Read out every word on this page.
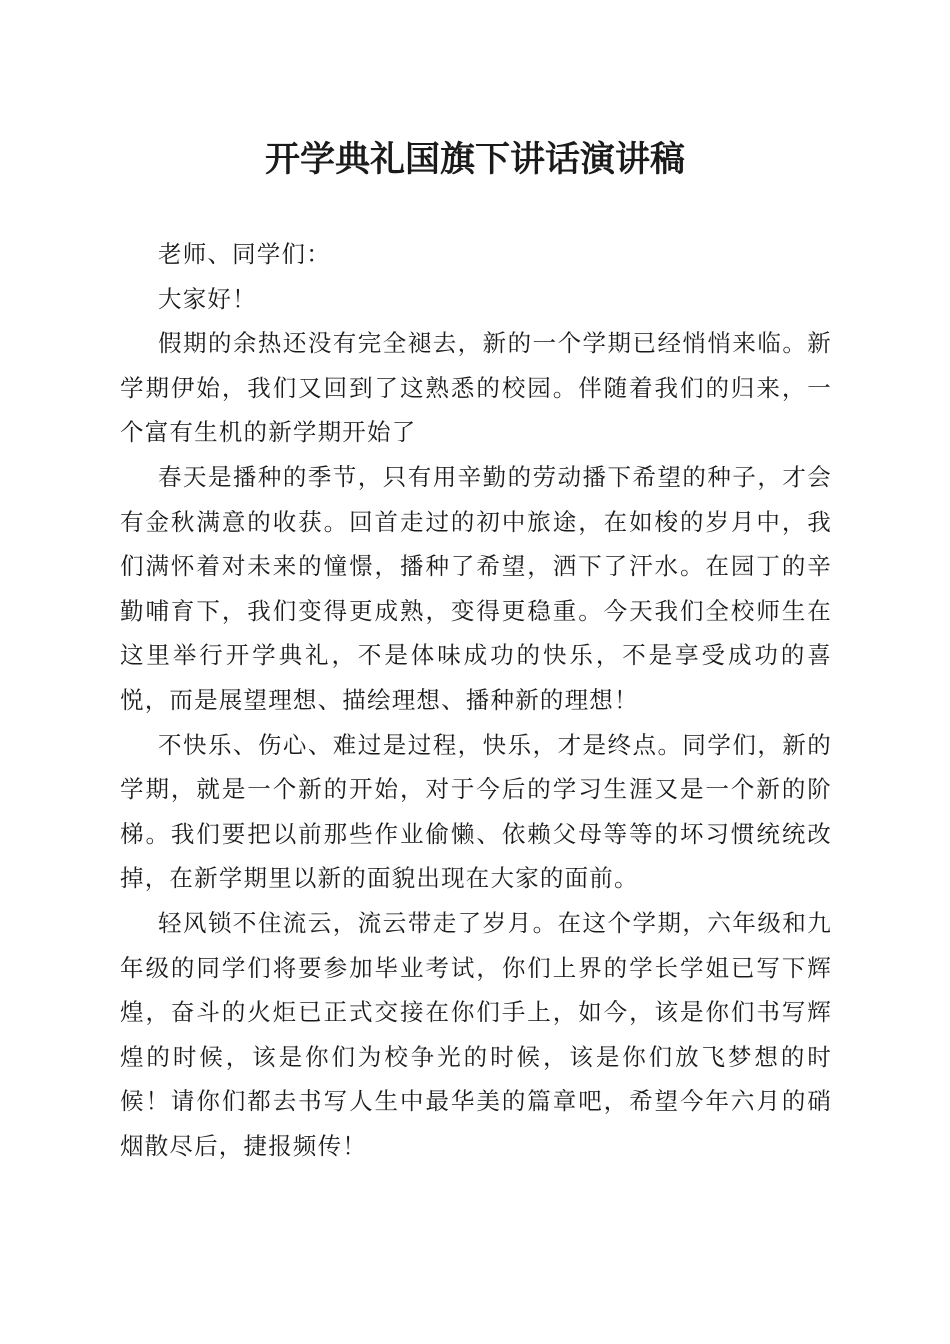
开学典礼国旗下讲话演讲稿

老师、同学们：

大家好！

假期的余热还没有完全褪去，新的一个学期已经悄悄来临。新学期伊始，我们又回到了这熟悉的校园。伴随着我们的归来，一个富有生机的新学期开始了

春天是播种的季节，只有用辛勤的劳动播下希望的种子，才会有金秋满意的收获。回首走过的初中旅途，在如梭的岁月中，我们满怀着对未来的憧憬，播种了希望，洒下了汗水。在园丁的辛勤哺育下，我们变得更成熟，变得更稳重。今天我们全校师生在这里举行开学典礼，不是体味成功的快乐，不是享受成功的喜悦，而是展望理想、描绘理想、播种新的理想！

不快乐、伤心、难过是过程，快乐，才是终点。同学们，新的学期，就是一个新的开始，对于今后的学习生涯又是一个新的阶梯。我们要把以前那些作业偷懒、依赖父母等等的坏习惯统统改掉，在新学期里以新的面貌出现在大家的面前。

轻风锁不住流云，流云带走了岁月。在这个学期，六年级和九年级的同学们将要参加毕业考试，你们上界的学长学姐已写下辉煌，奋斗的火炬已正式交接在你们手上，如今，该是你们书写辉煌的时候，该是你们为校争光的时候，该是你们放飞梦想的时候！请你们都去书写人生中最华美的篇章吧，希望今年六月的硝烟散尽后，捷报频传！
